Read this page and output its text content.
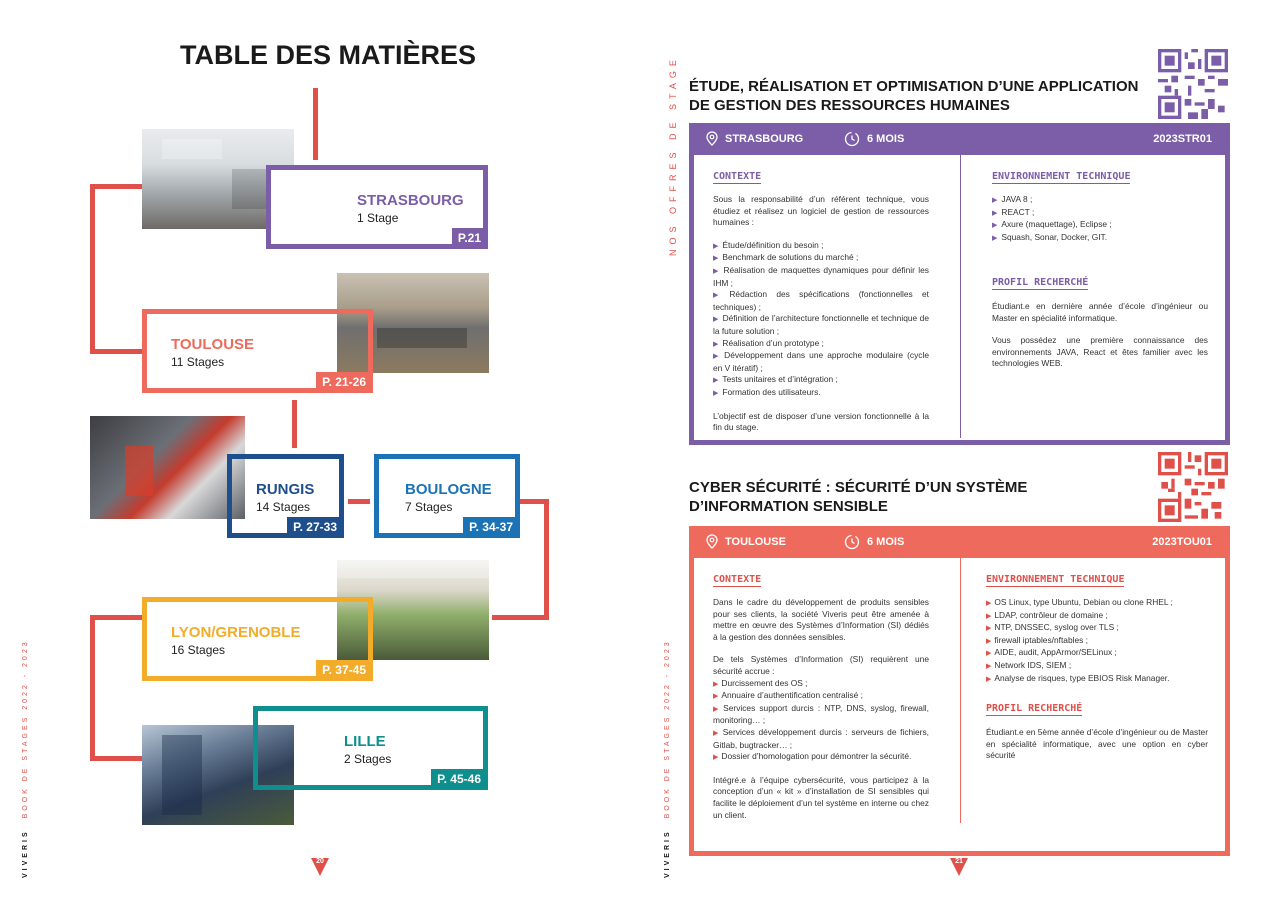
TABLE DES MATIÈRES
STRASBOURG
1 Stage
P.21
TOULOUSE
11 Stages
P. 21-26
RUNGIS
14 Stages
P. 27-33
BOULOGNE
7 Stages
P. 34-37
LYON/GRENOBLE
16 Stages
P. 37-45
LILLE
2 Stages
P. 45-46
VIVERIS BOOK DE STAGES 2022 - 2023
20
NOS OFFRES DE STAGE
VIVERIS BOOK DE STAGES 2022 - 2023
ÉTUDE, RÉALISATION ET OPTIMISATION D’UNE APPLICATION DE GESTION DES RESSOURCES HUMAINES
STRASBOURG	6 MOIS	2023STR01
CONTEXTE

Sous la responsabilité d’un référent technique, vous étudiez et réalisez un logiciel de gestion de ressources humaines :

▶ Étude/définition du besoin ;

▶ Benchmark de solutions du marché ;

▶ Réalisation de maquettes dynamiques pour définir les IHM ;

▶ Rédaction des spécifications (fonctionnelles et techniques) ;

▶ Définition de l’architecture fonctionnelle et technique de la future solution ;

▶ Réalisation d’un prototype ;

▶ Développement dans une approche modulaire (cycle en V itératif) ;

▶ Tests unitaires et d’intégration ;

▶ Formation des utilisateurs.

L’objectif est de disposer d’une version fonctionnelle à la fin du stage.

ENVIRONNEMENT TECHNIQUE

▶ JAVA 8 ;

▶ REACT ;

▶ Axure (maquettage), Eclipse ;

▶ Squash, Sonar, Docker, GIT.

PROFIL RECHERCHÉ

Étudiant.e en dernière année d’école d’ingénieur ou Master en spécialité informatique.

Vous possédez une première connaissance des environnements JAVA, React et êtes familier avec les technologies WEB.

CYBER SÉCURITÉ : SÉCURITÉ D’UN SYSTÈME D’INFORMATION SENSIBLE
TOULOUSE	6 MOIS	2023TOU01
CONTEXTE

Dans le cadre du développement de produits sensibles pour ses clients, la société Viveris peut être amenée à mettre en œuvre des Systèmes d’Information (SI) dédiés à la gestion des données sensibles.

De tels Systèmes d’Information (SI) requièrent une sécurité accrue :

▶ Durcissement des OS ;

▶ Annuaire d’authentification centralisé ;

▶ Services support durcis : NTP, DNS, syslog, firewall, monitoring… ;

▶ Services développement durcis : serveurs de fichiers, Gitlab, bugtracker… ;

▶ Dossier d’homologation pour démontrer la sécurité.

Intégré.e à l’équipe cybersécurité, vous participez à la conception d’un « kit » d’installation de SI sensibles qui facilite le déploiement d’un tel système en interne ou chez un client.

ENVIRONNEMENT TECHNIQUE

▶ OS Linux, type Ubuntu, Debian ou clone RHEL ;

▶ LDAP, contrôleur de domaine ;

▶ NTP, DNSSEC, syslog over TLS ;

▶ firewall iptables/nftables ;

▶ AIDE, audit, AppArmor/SELinux ;

▶ Network IDS, SIEM ;

▶ Analyse de risques, type EBIOS Risk Manager.

PROFIL RECHERCHÉ

Étudiant.e en 5ème année d’école d’ingénieur ou de Master en spécialité informatique, avec une option en cyber sécurité

21
